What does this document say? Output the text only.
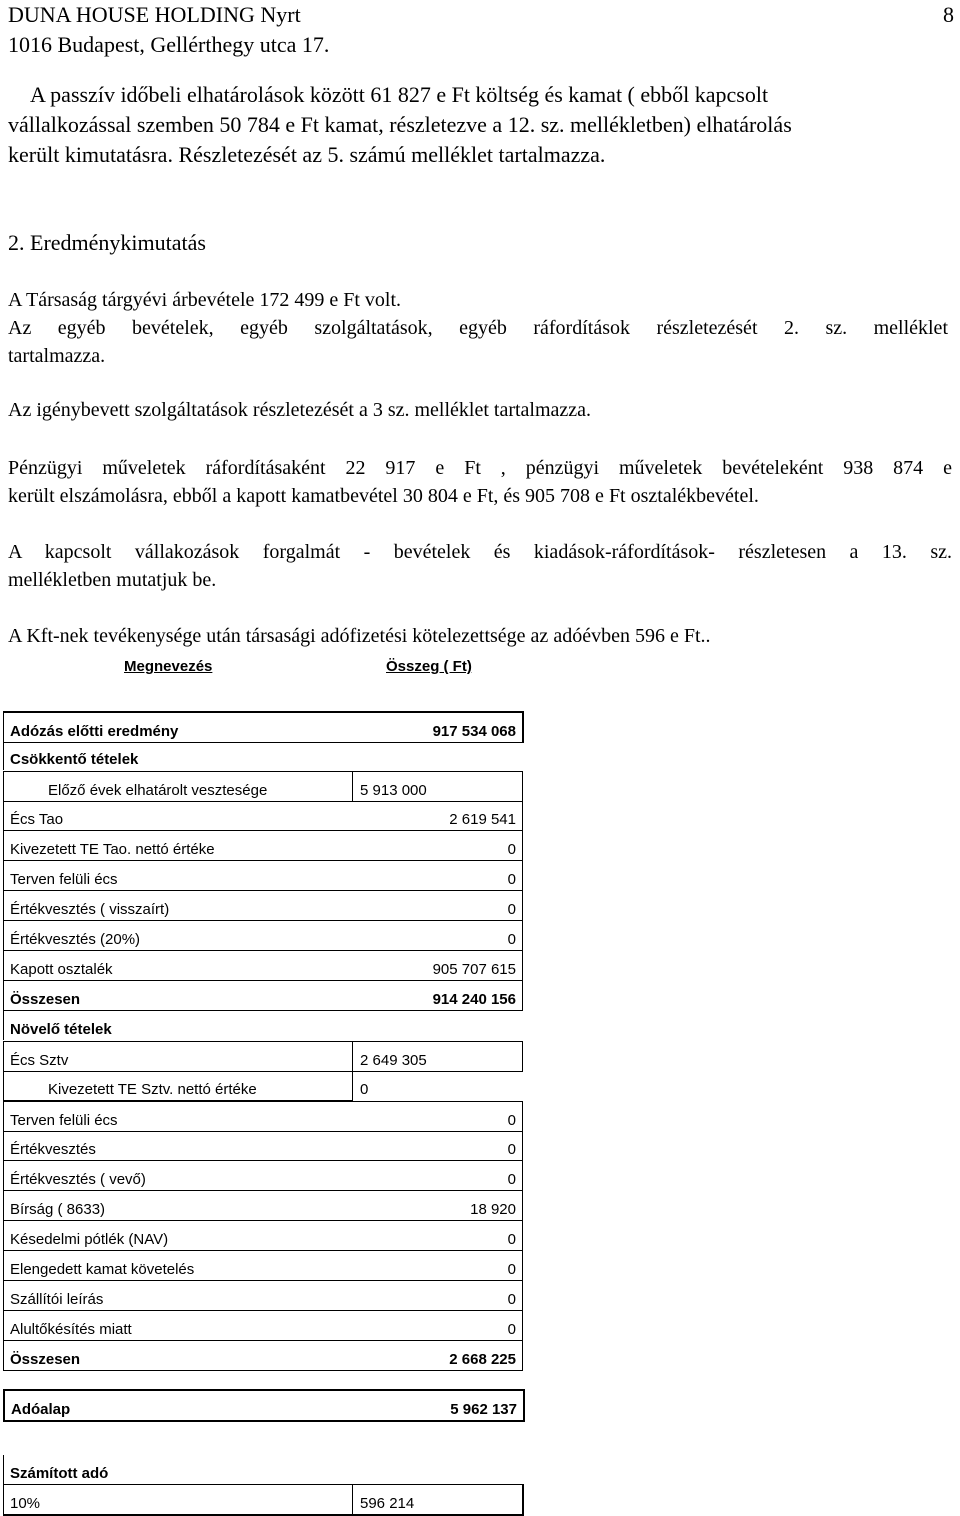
DUNA HOUSE HOLDING Nyrt
1016 Budapest, Gellérthegy utca 17.
8
A passzív időbeli elhatárolások között 61 827 e Ft költség és kamat ( ebből kapcsolt
vállalkozással szemben 50 784 e Ft kamat, részletezve a 12. sz. mellékletben) elhatárolás
került kimutatásra. Részletezését az 5. számú melléklet tartalmazza.
2. Eredménykimutatás
A Társaság tárgyévi árbevétele 172 499 e Ft volt.
Az egyéb bevételek, egyéb szolgáltatások, egyéb ráfordítások részletezését 2. sz. melléklet
tartalmazza.
Az igénybevett szolgáltatások részletezését a 3 sz. melléklet tartalmazza.
Pénzügyi műveletek ráfordításaként 22 917 e Ft , pénzügyi műveletek bevételeként 938 874 e
került elszámolásra, ebből a kapott kamatbevétel 30 804 e Ft, és 905 708 e Ft osztalékbevétel.
A kapcsolt vállakozások forgalmát - bevételek és kiadások-ráfordítások- részletesen a 13. sz.
mellékletben mutatjuk be.
A Kft-nek tevékenysége után társasági adófizetési kötelezettsége az adóévben 596 e Ft..
Megnevezés	Összeg ( Ft)
Adózás előtti eredmény	917 534 068
Csökkentő tételek
Előző évek elhatárolt vesztesége	5 913 000
Écs Tao	2 619 541
Kivezetett TE Tao. nettó értéke	0
Terven felüli écs	0
Értékvesztés ( visszaírt)	0
Értékvesztés (20%)	0
Kapott osztalék	905 707 615
Összesen	914 240 156
Növelő tételek
Écs Sztv	2 649 305
Kivezetett TE Sztv. nettó értéke	0
Terven felüli écs	0
Értékvesztés	0
Értékvesztés ( vevő)	0
Bírság ( 8633)	18 920
Késedelmi pótlék (NAV)	0
Elengedett kamat követelés	0
Szállítói leírás	0
Alultőkésítés miatt	0
Összesen	2 668 225
Adóalap	5 962 137
Számított adó
10%	596 214
